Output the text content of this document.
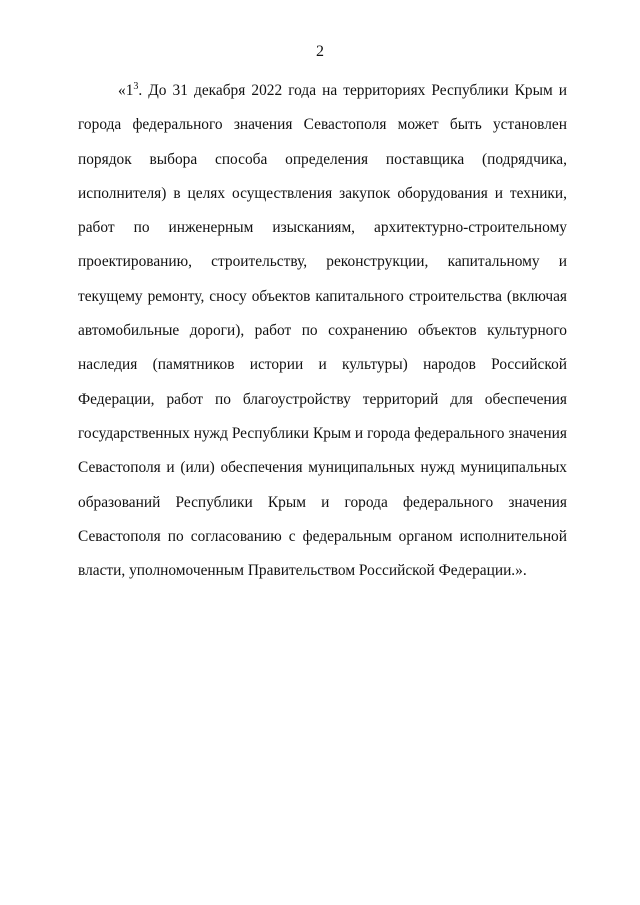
2

«$1^3$. До 31 декабря 2022 года на территориях Республики Крым и города федерального значения Севастополя может быть установлен порядок выбора способа определения поставщика (подрядчика, исполнителя) в целях осуществления закупок оборудования и техники, работ по инженерным изысканиям, архитектурно-строительному проектированию, строительству, реконструкции, капитальному и текущему ремонту, сносу объектов капитального строительства (включая автомобильные дороги), работ по сохранению объектов культурного наследия (памятников истории и культуры) народов Российской Федерации, работ по благоустройству территорий для обеспечения государственных нужд Республики Крым и города федерального значения Севастополя и (или) обеспечения муниципальных нужд муниципальных образований Республики Крым и города федерального значения Севастополя по согласованию с федеральным органом исполнительной власти, уполномоченным Правительством Российской Федерации.».
